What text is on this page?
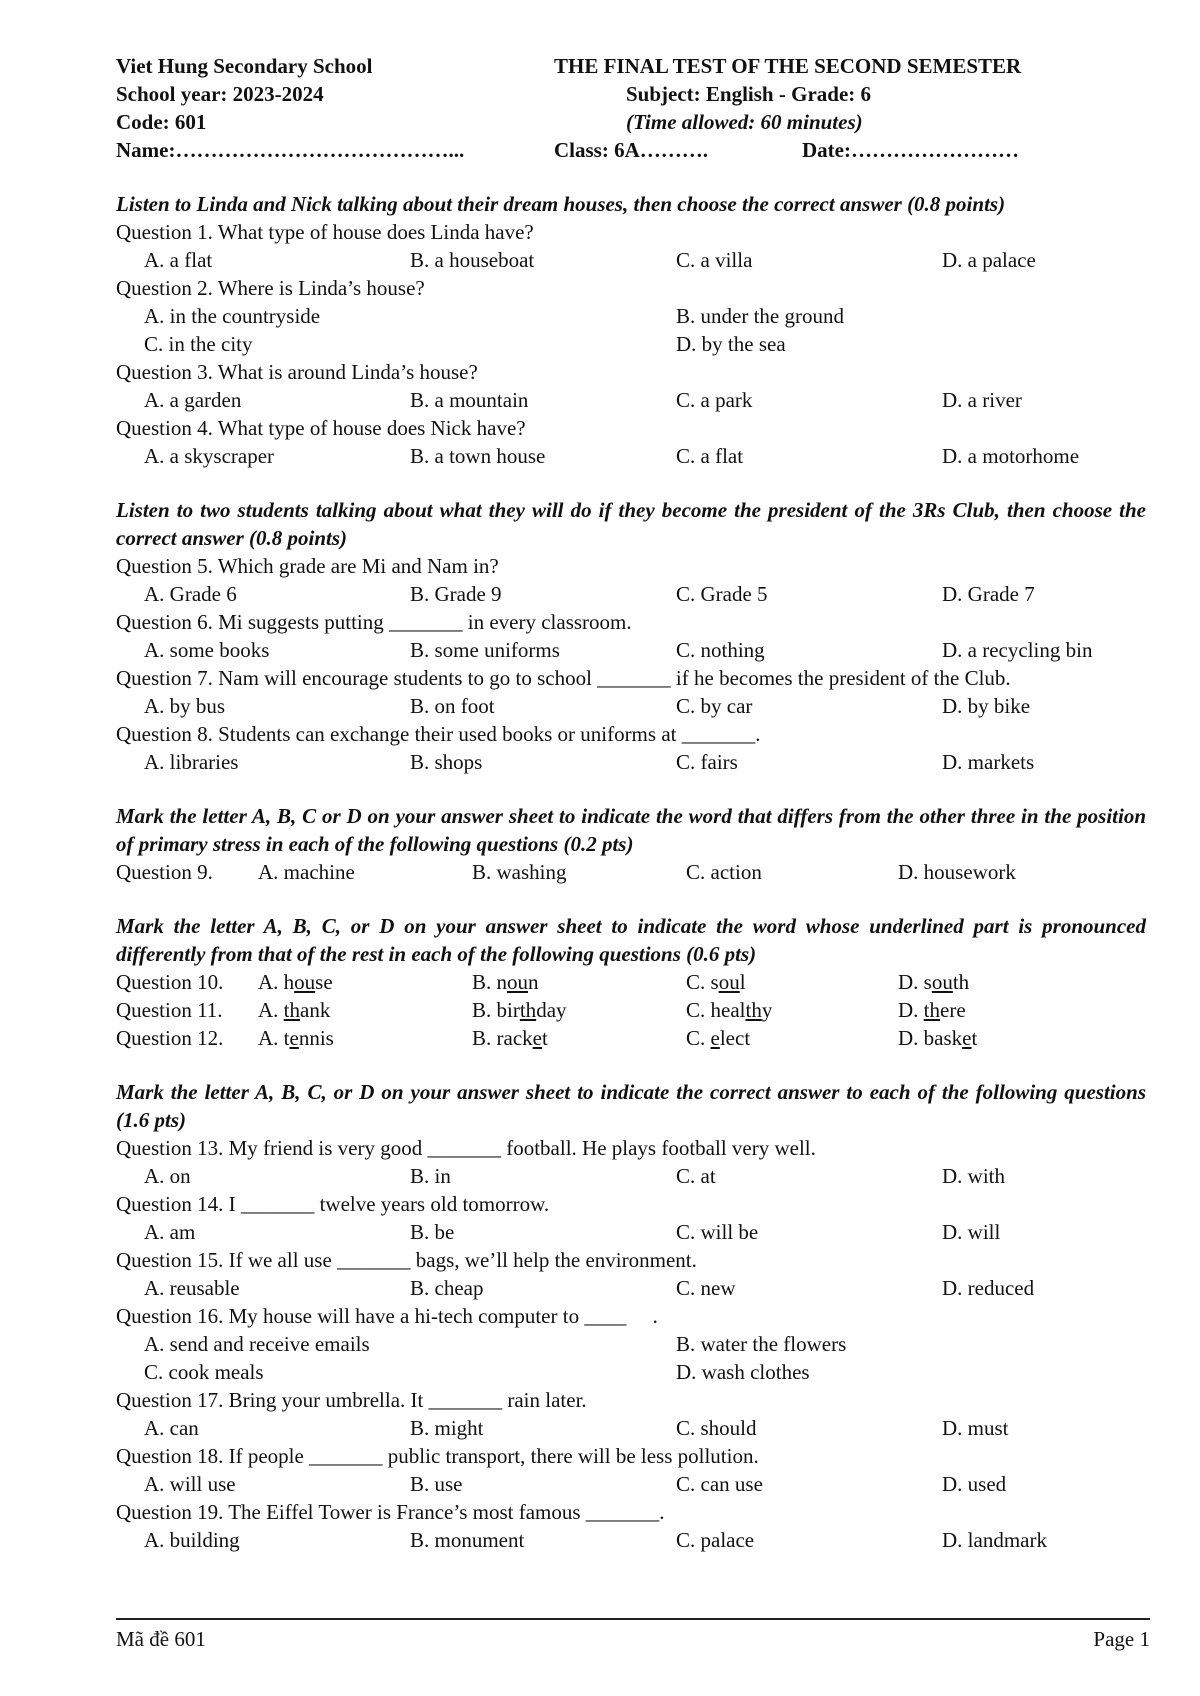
Viet Hung Secondary School	THE FINAL TEST OF THE SECOND SEMESTER
School year: 2023-2024	Subject: English - Grade: 6
Code: 601	(Time allowed: 60 minutes)
Name:…………………………………...	Class: 6A……….	Date:……………………
Listen to Linda and Nick talking about their dream houses, then choose the correct answer (0.8 points)
Question 1. What type of house does Linda have?
A. a flat	B. a houseboat	C. a villa	D. a palace
Question 2. Where is Linda’s house?
A. in the countryside	B. under the ground
C. in the city	D. by the sea
Question 3. What is around Linda’s house?
A. a garden	B. a mountain	C. a park	D. a river
Question 4. What type of house does Nick have?
A. a skyscraper	B. a town house	C. a flat	D. a motorhome
Listen to two students talking about what they will do if they become the president of the 3Rs Club, then choose the correct answer (0.8 points)
Question 5. Which grade are Mi and Nam in?
A. Grade 6	B. Grade 9	C. Grade 5	D. Grade 7
Question 6. Mi suggests putting _______ in every classroom.
A. some books	B. some uniforms	C. nothing	D. a recycling bin
Question 7. Nam will encourage students to go to school _______ if he becomes the president of the Club.
A. by bus	B. on foot	C. by car	D. by bike
Question 8. Students can exchange their used books or uniforms at _______.
A. libraries	B. shops	C. fairs	D. markets
Mark the letter A, B, C or D on your answer sheet to indicate the word that differs from the other three in the position of primary stress in each of the following questions (0.2 pts)
Question 9. A. machine	B. washing	C. action	D. housework
Mark the letter A, B, C, or D on your answer sheet to indicate the word whose underlined part is pronounced differently from that of the rest in each of the following questions (0.6 pts)
Question 10. A. house	B. noun	C. soul	D. south
Question 11. A. thank	B. birthday	C. healthy	D. there
Question 12. A. tennis	B. racket	C. elect	D. basket
Mark the letter A, B, C, or D on your answer sheet to indicate the correct answer to each of the following questions (1.6 pts)
Question 13. My friend is very good _______ football. He plays football very well.
A. on	B. in	C. at	D. with
Question 14. I _______ twelve years old tomorrow.
A. am	B. be	C. will be	D. will
Question 15. If we all use _______ bags, we’ll help the environment.
A. reusable	B. cheap	C. new	D. reduced
Question 16. My house will have a hi-tech computer to ____     .
A. send and receive emails	B. water the flowers
C. cook meals	D. wash clothes
Question 17. Bring your umbrella. It _______ rain later.
A. can	B. might	C. should	D. must
Question 18. If people _______ public transport, there will be less pollution.
A. will use	B. use	C. can use	D. used
Question 19. The Eiffel Tower is France’s most famous _______.
A. building	B. monument	C. palace	D. landmark
Mã đề 601	Page 1
